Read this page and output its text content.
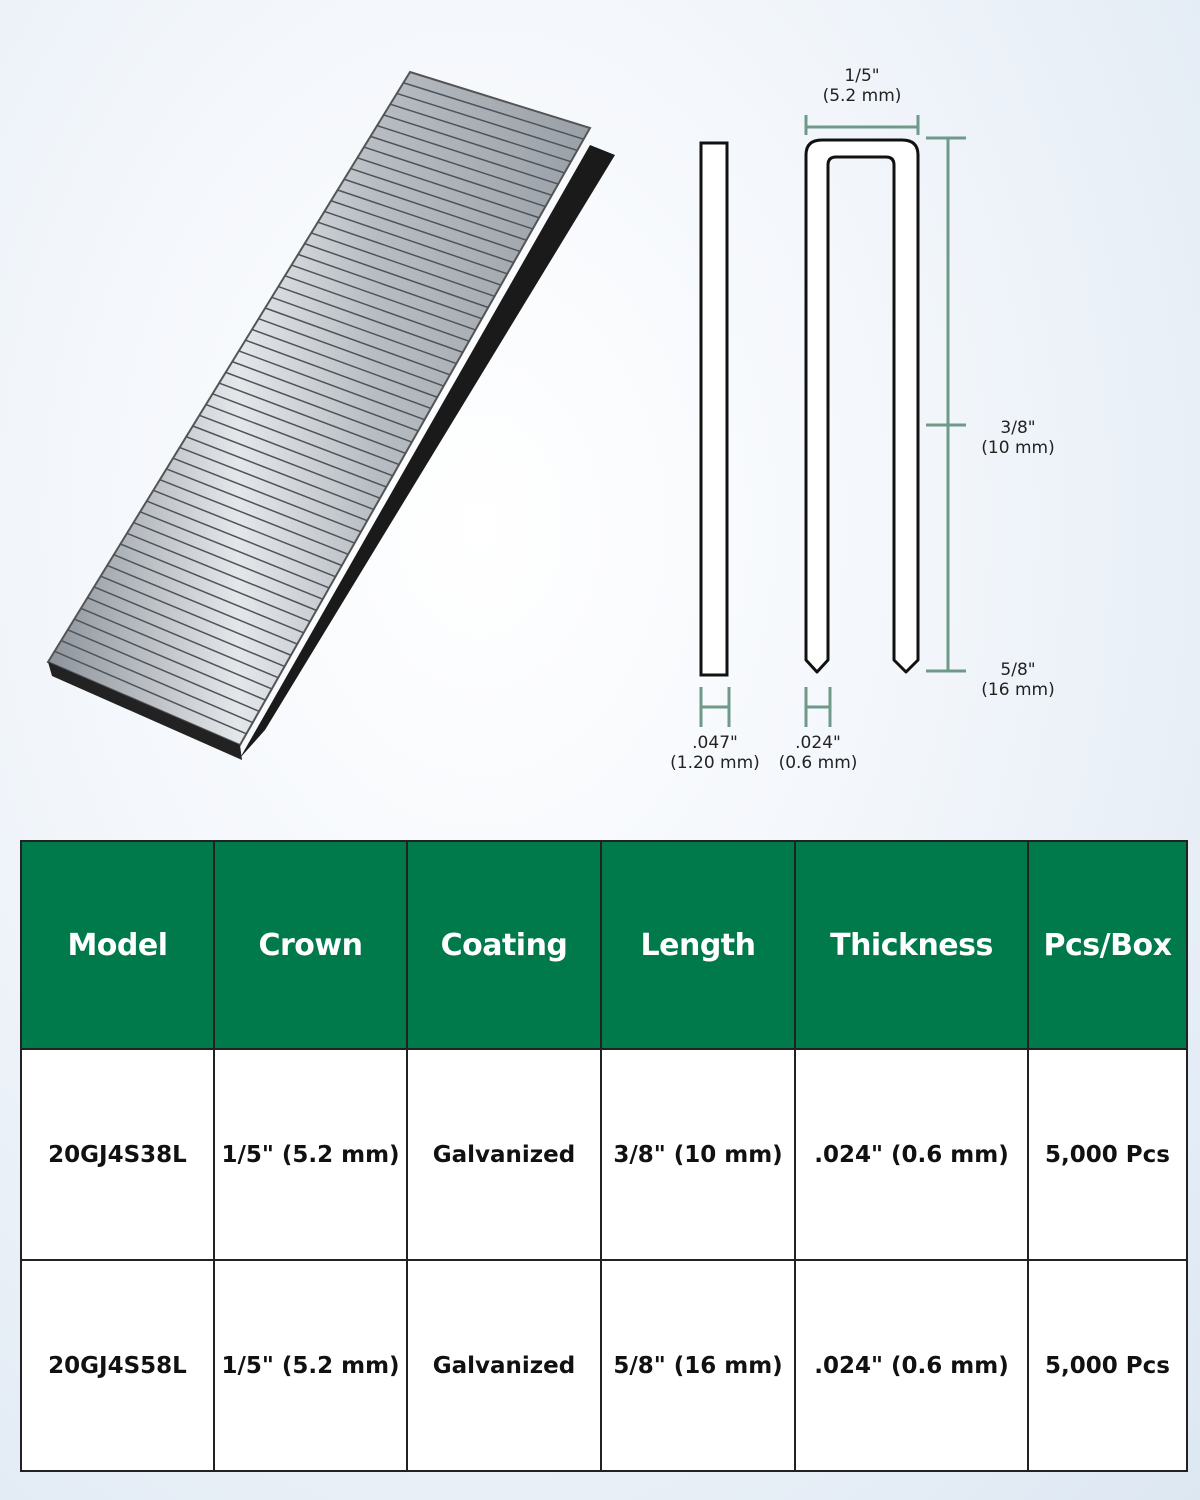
1/5"
(5.2 mm)
3/8"
(10 mm)
5/8"
(16 mm)
.047"
(1.20 mm)
.024"
(0.6 mm)
Model	Crown	Coating	Length	Thickness	Pcs/Box
20GJ4S38L	1/5" (5.2 mm)	Galvanized	3/8" (10 mm)	.024" (0.6 mm)	5,000 Pcs
20GJ4S58L	1/5" (5.2 mm)	Galvanized	5/8" (16 mm)	.024" (0.6 mm)	5,000 Pcs
